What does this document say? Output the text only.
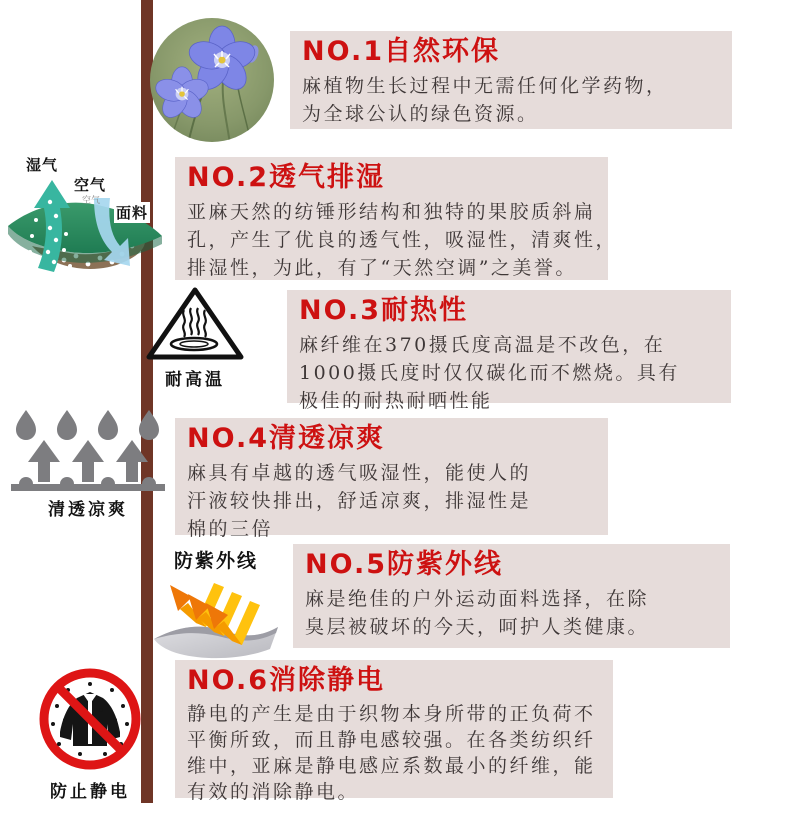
湿气
空气
空气
面料
耐高温
清透凉爽
防紫外线
防止静电
NO.1自然环保
麻植物生长过程中无需任何化学药物，
为全球公认的绿色资源。
NO.2透气排湿
亚麻天然的纺锤形结构和独特的果胶质斜扁
孔，产生了优良的透气性，吸湿性，清爽性，
排湿性，为此，有了“天然空调”之美誉。
NO.3耐热性
麻纤维在370摄氏度高温是不改色，在
1000摄氏度时仅仅碳化而不燃烧。具有
极佳的耐热耐晒性能
NO.4清透凉爽
麻具有卓越的透气吸湿性，能使人的
汗液较快排出，舒适凉爽，排湿性是
棉的三倍
NO.5防紫外线
麻是绝佳的户外运动面料选择，在除
臭层被破坏的今天，呵护人类健康。
NO.6消除静电
静电的产生是由于织物本身所带的正负荷不
平衡所致，而且静电感较强。在各类纺织纤
维中，亚麻是静电感应系数最小的纤维，能
有效的消除静电。
